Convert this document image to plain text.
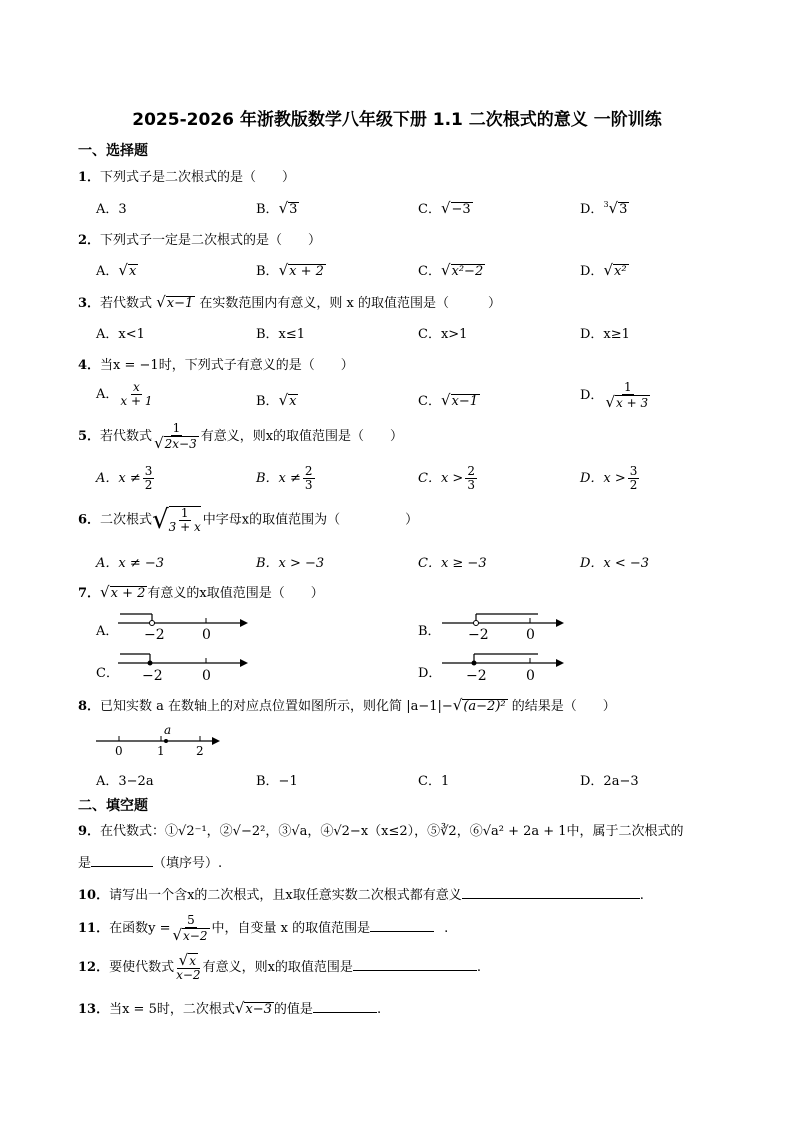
2025-2026 年浙教版数学八年级下册 1.1 二次根式的意义 一阶训练
一、选择题
1．下列式子是二次根式的是（　　）
A．3	B．√3	C．√−3	D．$^3$√3
2．下列式子一定是二次根式的是（　　）
A．√x	B．√x + 2	C．√x²−2	D．√x²
3．若代数式 √x−1 在实数范围内有意义，则 x 的取值范围是（　　　）
A．x<1	B．x≤1	C．x>1	D．x≥1
4．当x = −1时，下列式子有意义的是（　　）
A． $\frac{x}{x + 1}$	B．√x	C．√x−1	D． $\frac{1}{√x + 3}$
5．若代数式 $\frac{1}{√2x-3}$ 有意义，则x的取值范围是（　　）
A．$x \ne \frac{3}{2}$	B．$x \ne \frac{2}{3}$	C．$x > \frac{2}{3}$	D．$x > \frac{3}{2}$
6．二次根式√ $\frac{1}{3 + x}$ 中字母x的取值范围为（　　　　　）
A．x ≠ −3	B．x > −3	C．x ≥ −3	D．x < −3
7．√x + 2 有意义的x取值范围是（　　）
A．	B．
C．	D．
−2	0	−2	0
−2	0	−2	0
8．已知实数 a 在数轴上的对应点位置如图所示，则化简 |a−1|−√(a−2)² 的结果是（　　）
a
0	1	2
A．3−2a	B．−1	C．1	D．2a−3
二、填空题
9．在代数式：①√2⁻¹，②√−2²，③√a，④√2−x（x≤2），⑤∛2，⑥√a² + 2a + 1中，属于二次根式的
是	（填序号）.
10．请写出一个含x的二次根式，且x取任意实数二次根式都有意义	.
11．在函数$y = \frac{5}{√x-2}$ 中，自变量 x 的取值范围是	.
12．要使代数式 $\frac{√x}{x-2}$ 有意义，则x的取值范围是	.
13．当x = 5时，二次根式√x−3 的值是	.
